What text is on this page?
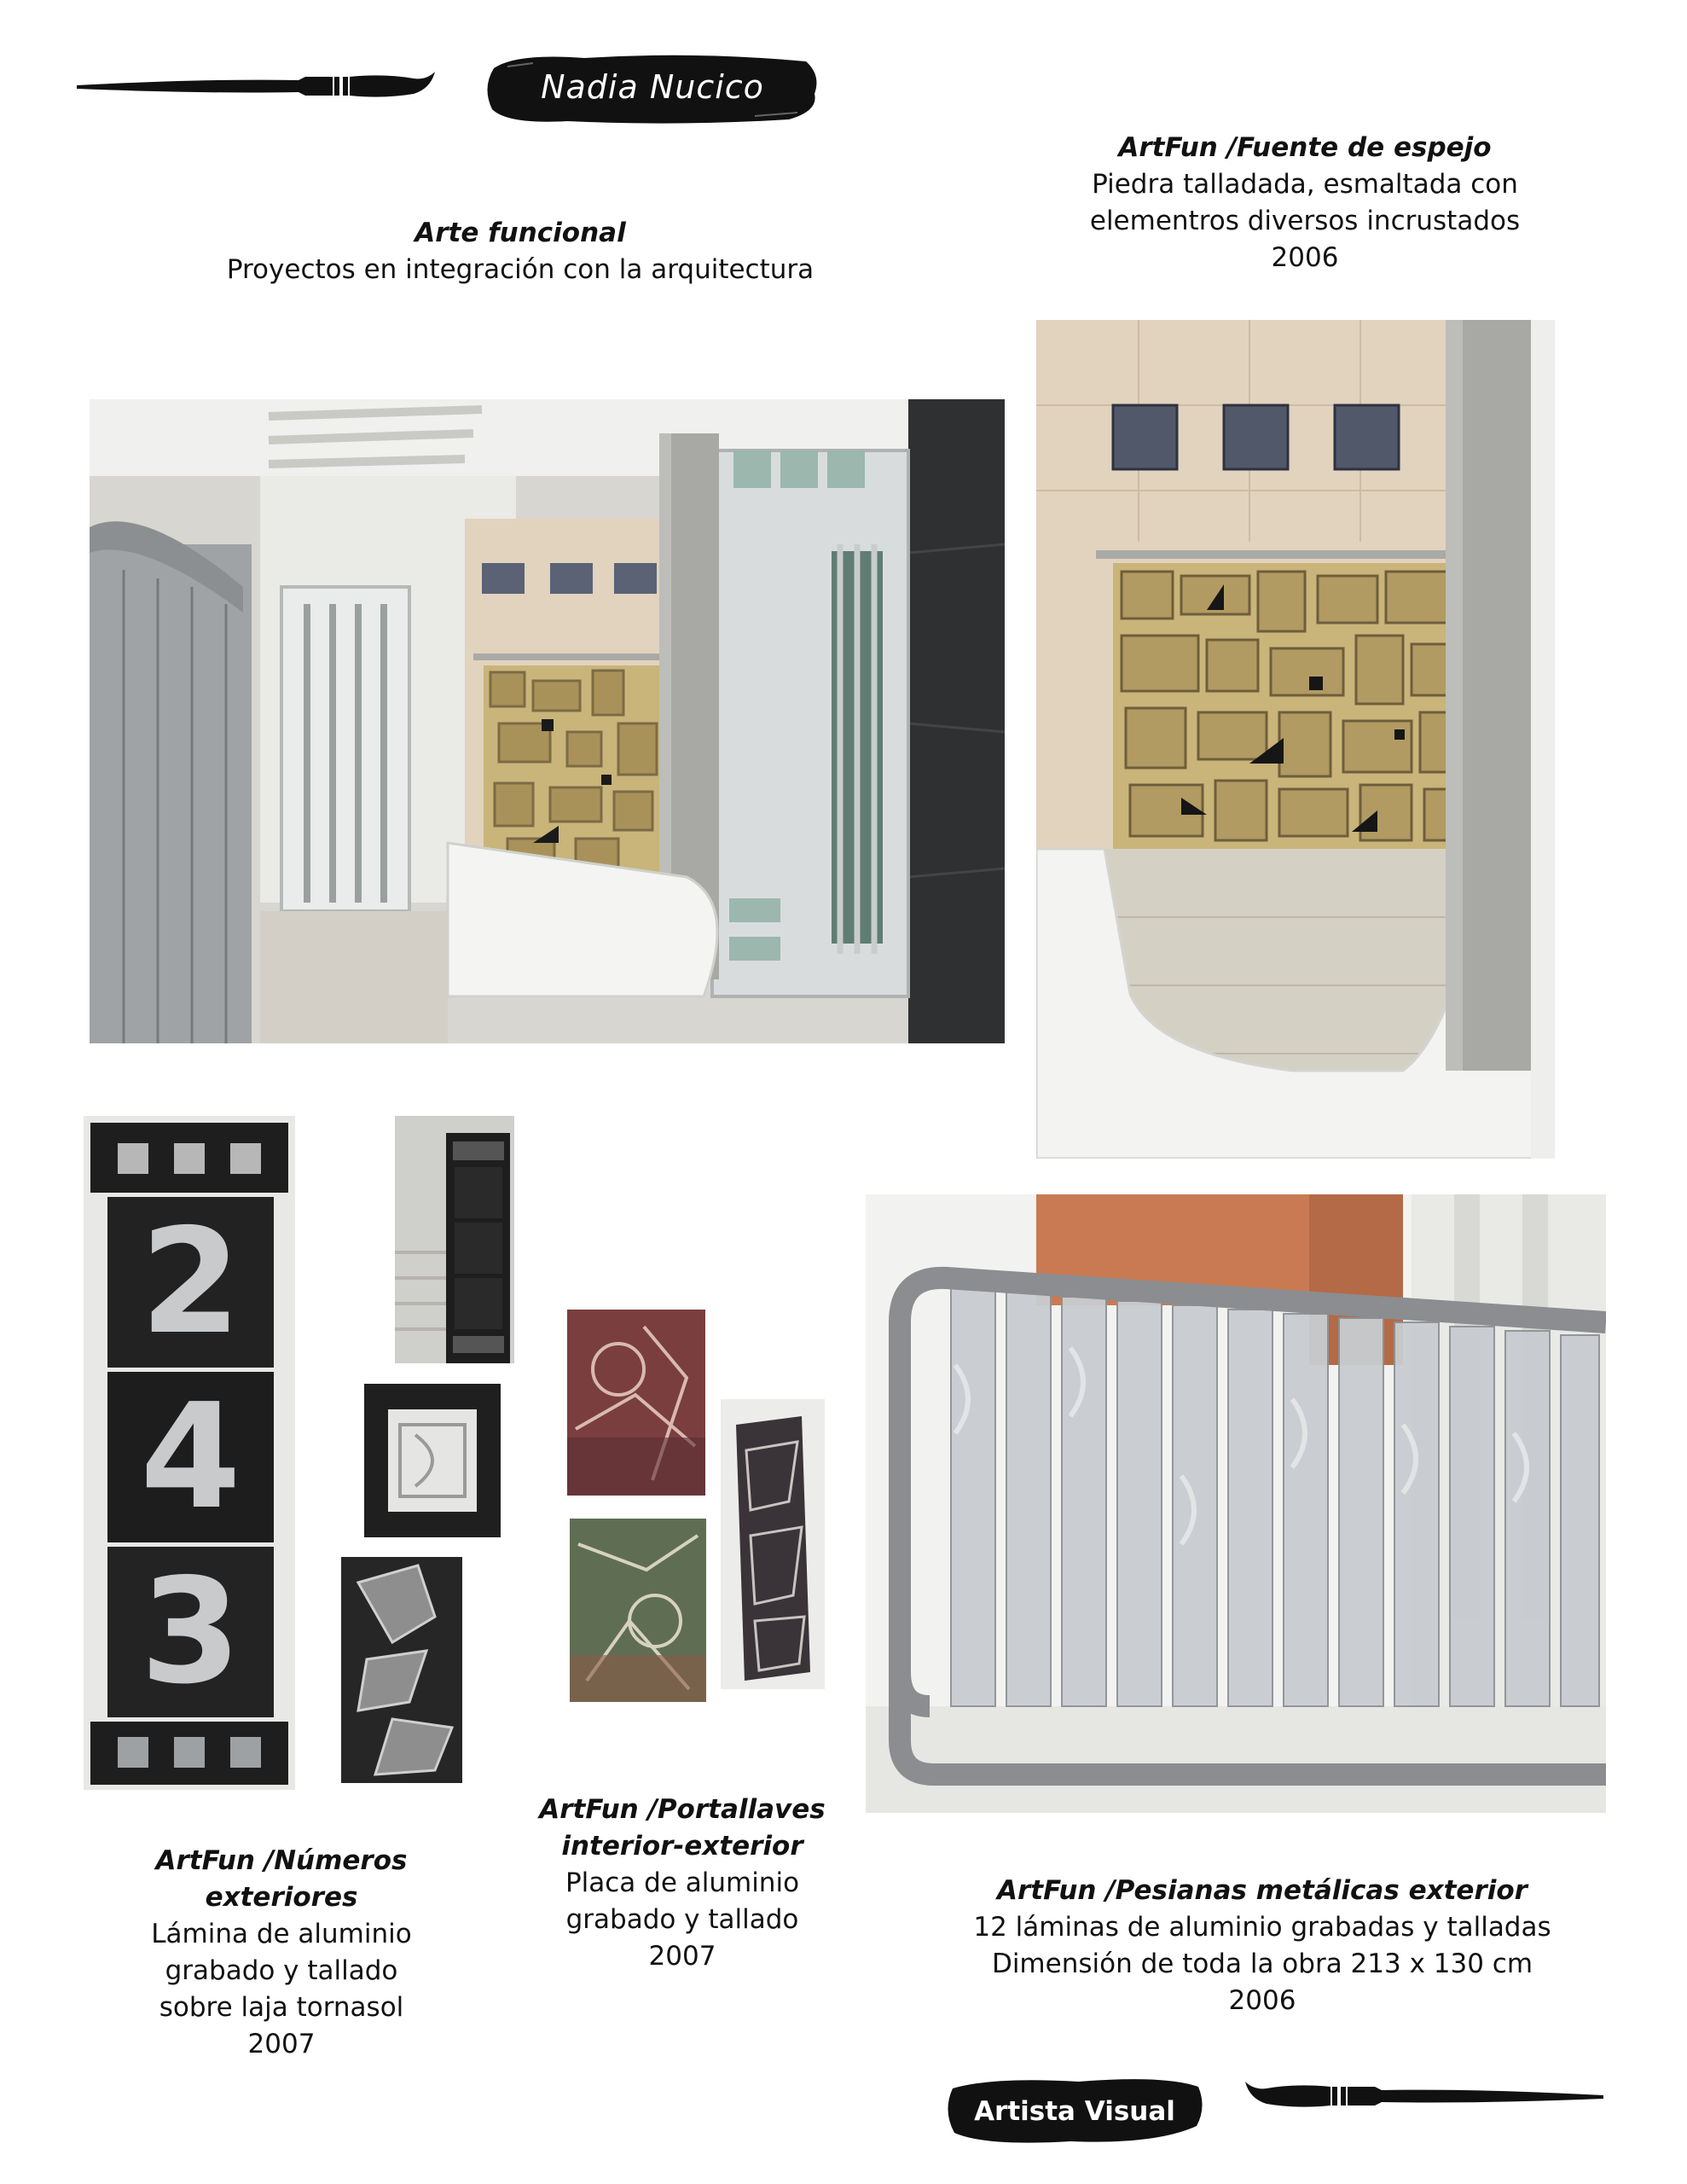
Nadia Nucico
Arte funcional
Proyectos en integración con la arquitectura
ArtFun /Fuente de espejo
Piedra talladada, esmaltada con
elementros diversos incrustados
2006
2
4
3
ArtFun /Números exteriores
Lámina de aluminio
grabado y tallado
sobre laja tornasol
2007
ArtFun /Portallaves
interior-exterior
Placa de aluminio
grabado y tallado
2007
ArtFun /Pesianas metálicas exterior
12 láminas de aluminio grabadas y talladas
Dimensión de toda la obra 213 x 130 cm
2006
Artista Visual
